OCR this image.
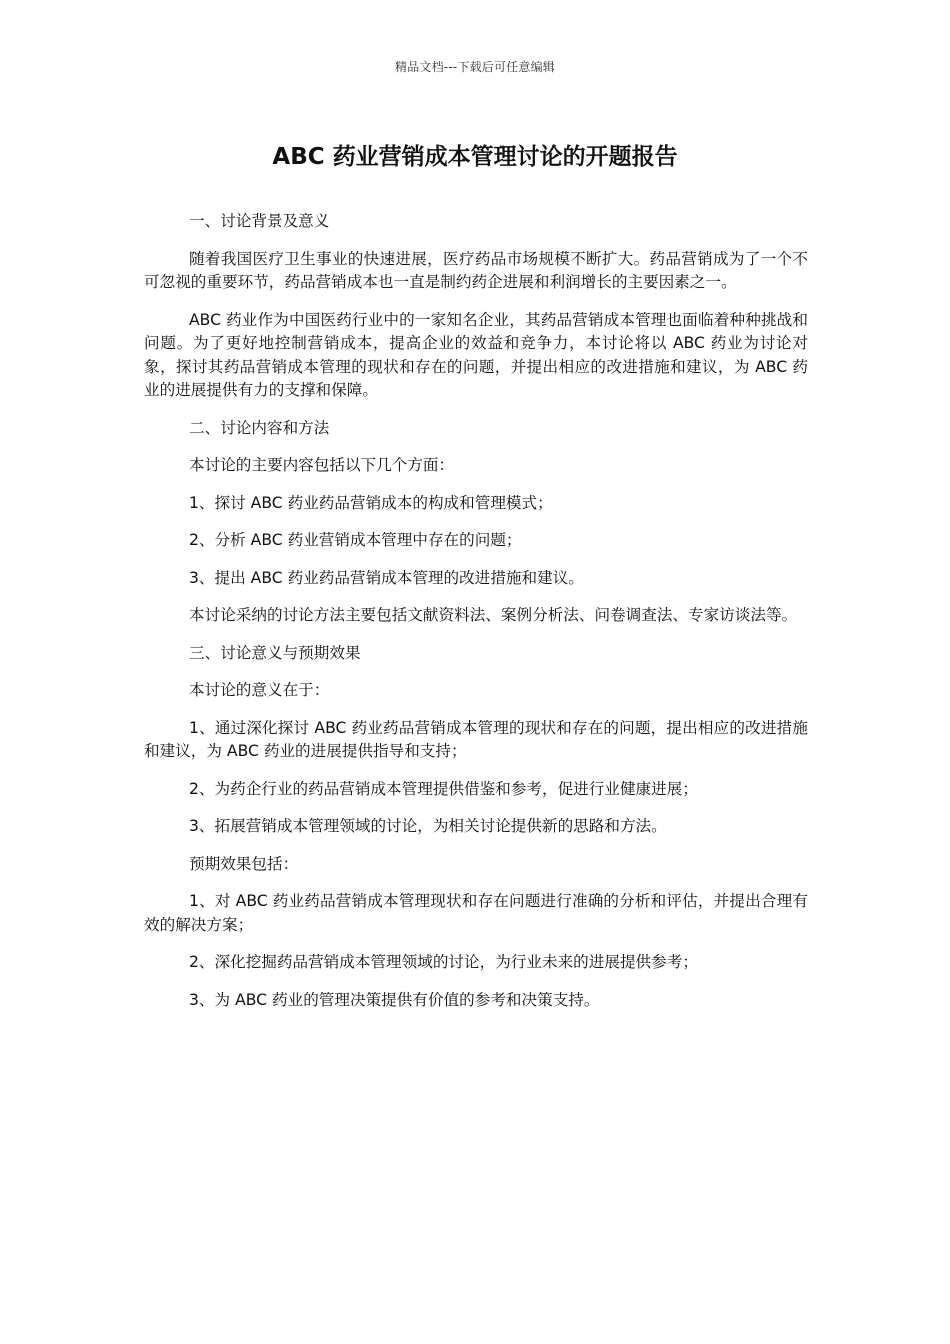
精品文档---下载后可任意编辑
ABC 药业营销成本管理讨论的开题报告

一、讨论背景及意义

随着我国医疗卫生事业的快速进展，医疗药品市场规模不断扩大。药品营销成为了一个不可忽视的重要环节，药品营销成本也一直是制约药企进展和利润增长的主要因素之一。

ABC 药业作为中国医药行业中的一家知名企业，其药品营销成本管理也面临着种种挑战和问题。为了更好地控制营销成本，提高企业的效益和竞争力，本讨论将以 ABC 药业为讨论对象，探讨其药品营销成本管理的现状和存在的问题，并提出相应的改进措施和建议，为 ABC 药业的进展提供有力的支撑和保障。

二、讨论内容和方法

本讨论的主要内容包括以下几个方面：

1、探讨 ABC 药业药品营销成本的构成和管理模式；

2、分析 ABC 药业营销成本管理中存在的问题；

3、提出 ABC 药业药品营销成本管理的改进措施和建议。

本讨论采纳的讨论方法主要包括文献资料法、案例分析法、问卷调查法、专家访谈法等。

三、讨论意义与预期效果

本讨论的意义在于：

1、通过深化探讨 ABC 药业药品营销成本管理的现状和存在的问题，提出相应的改进措施和建议，为 ABC 药业的进展提供指导和支持；

2、为药企行业的药品营销成本管理提供借鉴和参考，促进行业健康进展；

3、拓展营销成本管理领域的讨论，为相关讨论提供新的思路和方法。

预期效果包括：

1、对 ABC 药业药品营销成本管理现状和存在问题进行准确的分析和评估，并提出合理有效的解决方案；

2、深化挖掘药品营销成本管理领域的讨论，为行业未来的进展提供参考；

3、为 ABC 药业的管理决策提供有价值的参考和决策支持。
